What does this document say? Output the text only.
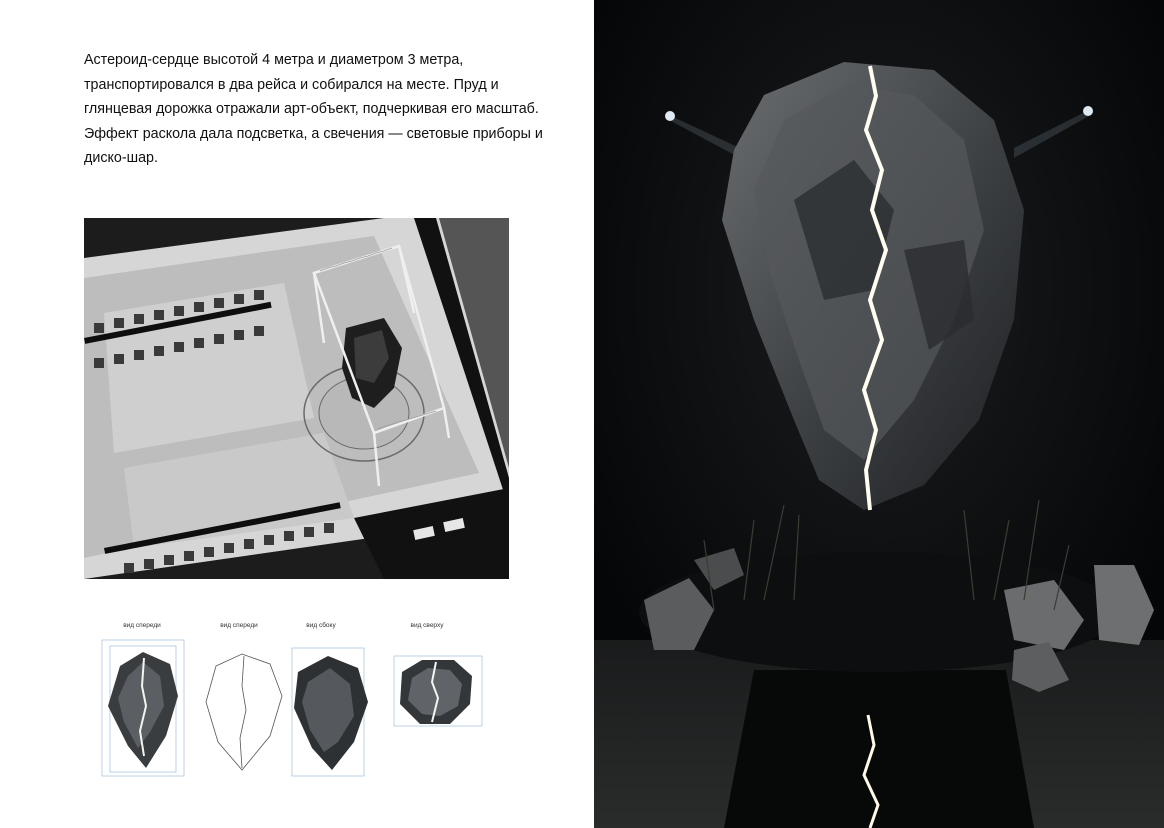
Астероид-сердце высотой 4 метра и диаметром 3 метра, транспортировался в два рейса и собирался на месте. Пруд и глянцевая дорожка отражали арт-объект, подчеркивая его масштаб. Эффект раскола дала подсветка, а свечения — световые приборы и диско-шар.

вид спереди	вид спереди	вид сбоку	вид сверху
